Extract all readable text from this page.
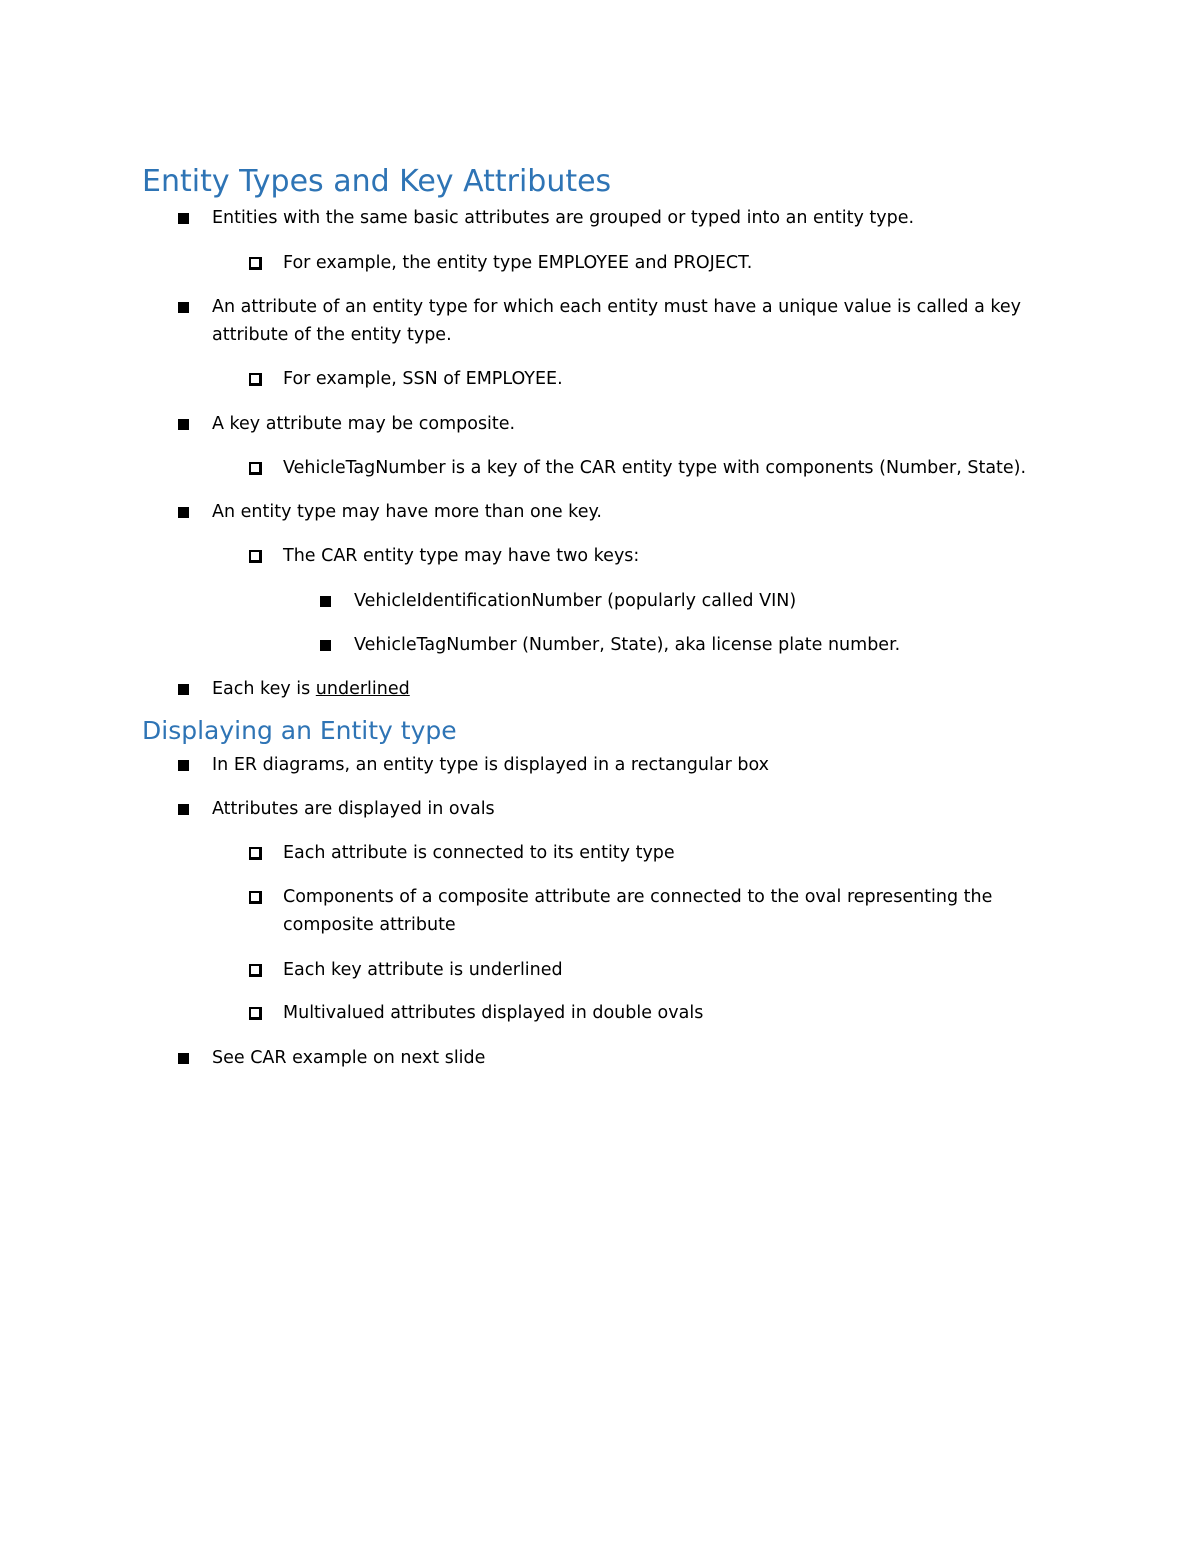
Entity Types and Key Attributes
Entities with the same basic attributes are grouped or typed into an entity type.
For example, the entity type EMPLOYEE and PROJECT.
An attribute of an entity type for which each entity must have a unique value is called a key
attribute of the entity type.
For example, SSN of EMPLOYEE.
A key attribute may be composite.
VehicleTagNumber is a key of the CAR entity type with components (Number, State).
An entity type may have more than one key.
The CAR entity type may have two keys:
VehicleIdentificationNumber (popularly called VIN)
VehicleTagNumber (Number, State), aka license plate number.
Each key is underlined
Displaying an Entity type
In ER diagrams, an entity type is displayed in a rectangular box
Attributes are displayed in ovals
Each attribute is connected to its entity type
Components of a composite attribute are connected to the oval representing the
composite attribute
Each key attribute is underlined
Multivalued attributes displayed in double ovals
See CAR example on next slide
